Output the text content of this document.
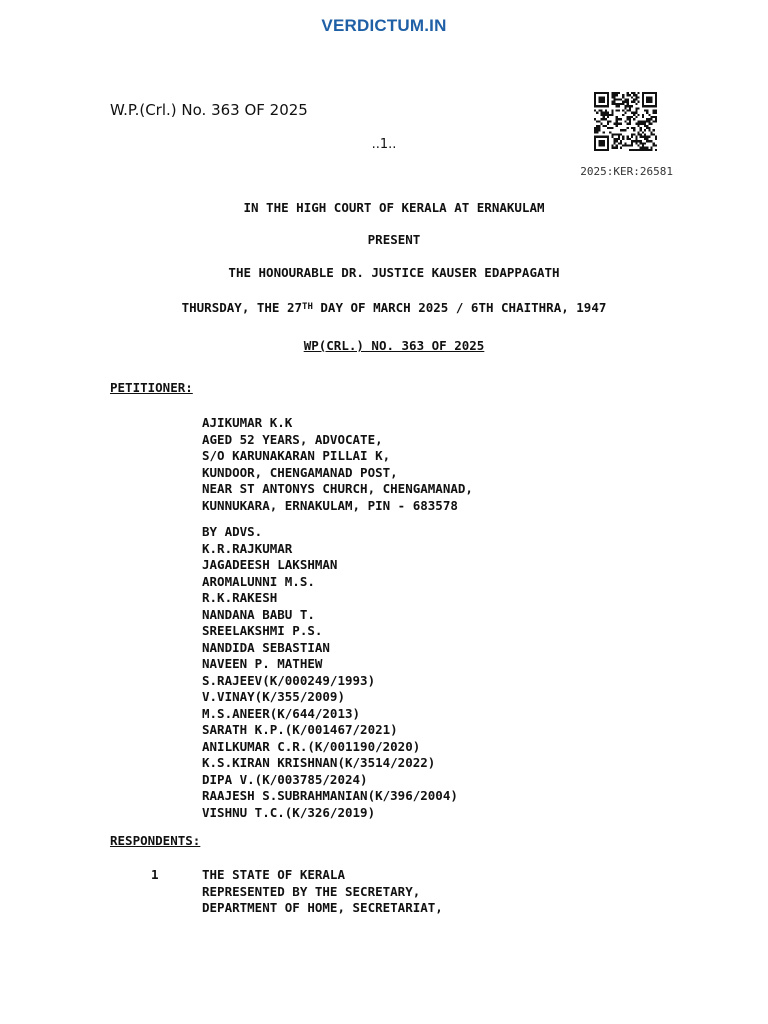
VERDICTUM.IN
W.P.(Crl.) No. 363 OF 2025
..1..
2025:KER:26581
IN THE HIGH COURT OF KERALA AT ERNAKULAM
PRESENT
THE HONOURABLE DR. JUSTICE KAUSER EDAPPAGATH
THURSDAY, THE 27TH DAY OF MARCH 2025 / 6TH CHAITHRA, 1947
WP(CRL.) NO. 363 OF 2025
PETITIONER:
AJIKUMAR K.K
AGED 52 YEARS, ADVOCATE,
S/O KARUNAKARAN PILLAI K,
KUNDOOR, CHENGAMANAD POST,
NEAR ST ANTONYS CHURCH, CHENGAMANAD,
KUNNUKARA, ERNAKULAM, PIN - 683578
BY ADVS.
K.R.RAJKUMAR
JAGADEESH LAKSHMAN
AROMALUNNI M.S.
R.K.RAKESH
NANDANA BABU T.
SREELAKSHMI P.S.
NANDIDA SEBASTIAN
NAVEEN P. MATHEW
S.RAJEEV(K/000249/1993)
V.VINAY(K/355/2009)
M.S.ANEER(K/644/2013)
SARATH K.P.(K/001467/2021)
ANILKUMAR C.R.(K/001190/2020)
K.S.KIRAN KRISHNAN(K/3514/2022)
DIPA V.(K/003785/2024)
RAAJESH S.SUBRAHMANIAN(K/396/2004)
VISHNU T.C.(K/326/2019)
RESPONDENTS:
1	THE STATE OF KERALA
REPRESENTED BY THE SECRETARY,
DEPARTMENT OF HOME, SECRETARIAT,
